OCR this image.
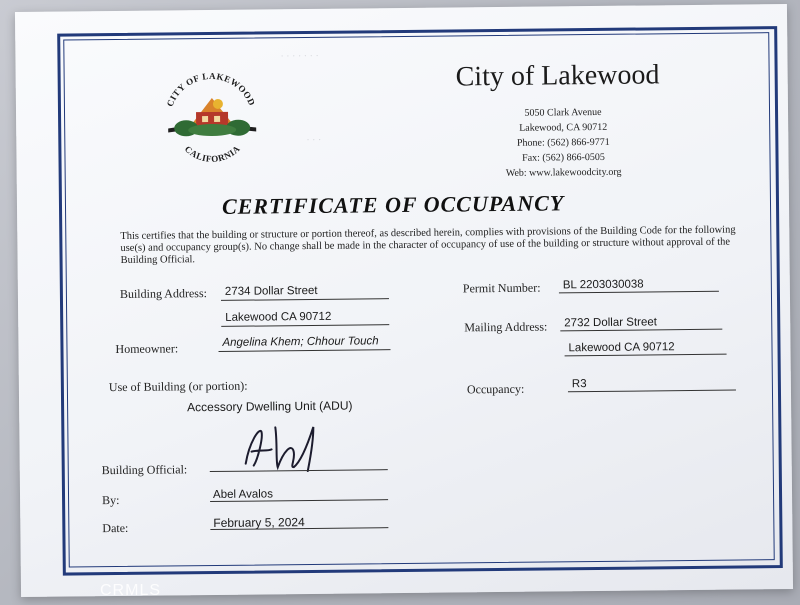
· · · · · · ·
· · ·
CITY OF LAKEWOOD
CALIFORNIA
City of Lakewood
5050 Clark Avenue
Lakewood, CA 90712
Phone: (562) 866-9771
Fax: (562) 866-0505
Web: www.lakewoodcity.org
CERTIFICATE OF OCCUPANCY
This certifies that the building or structure or portion thereof, as described herein, complies with provisions of the Building Code for the following use(s) and occupancy group(s). No change shall be made in the character of occupancy of use of the building or structure without approval of the Building Official.
Building Address: 2734 Dollar Street
Lakewood CA 90712
Homeowner:	Angelina Khem; Chhour Touch
Use of Building (or portion):
Accessory Dwelling Unit (ADU)
Building Official:
By:	Abel Avalos
Date:	February 5, 2024
Permit Number: BL 2203030038
Mailing Address: 2732 Dollar Street
Lakewood CA 90712
Occupancy:	R3
CRMLS
